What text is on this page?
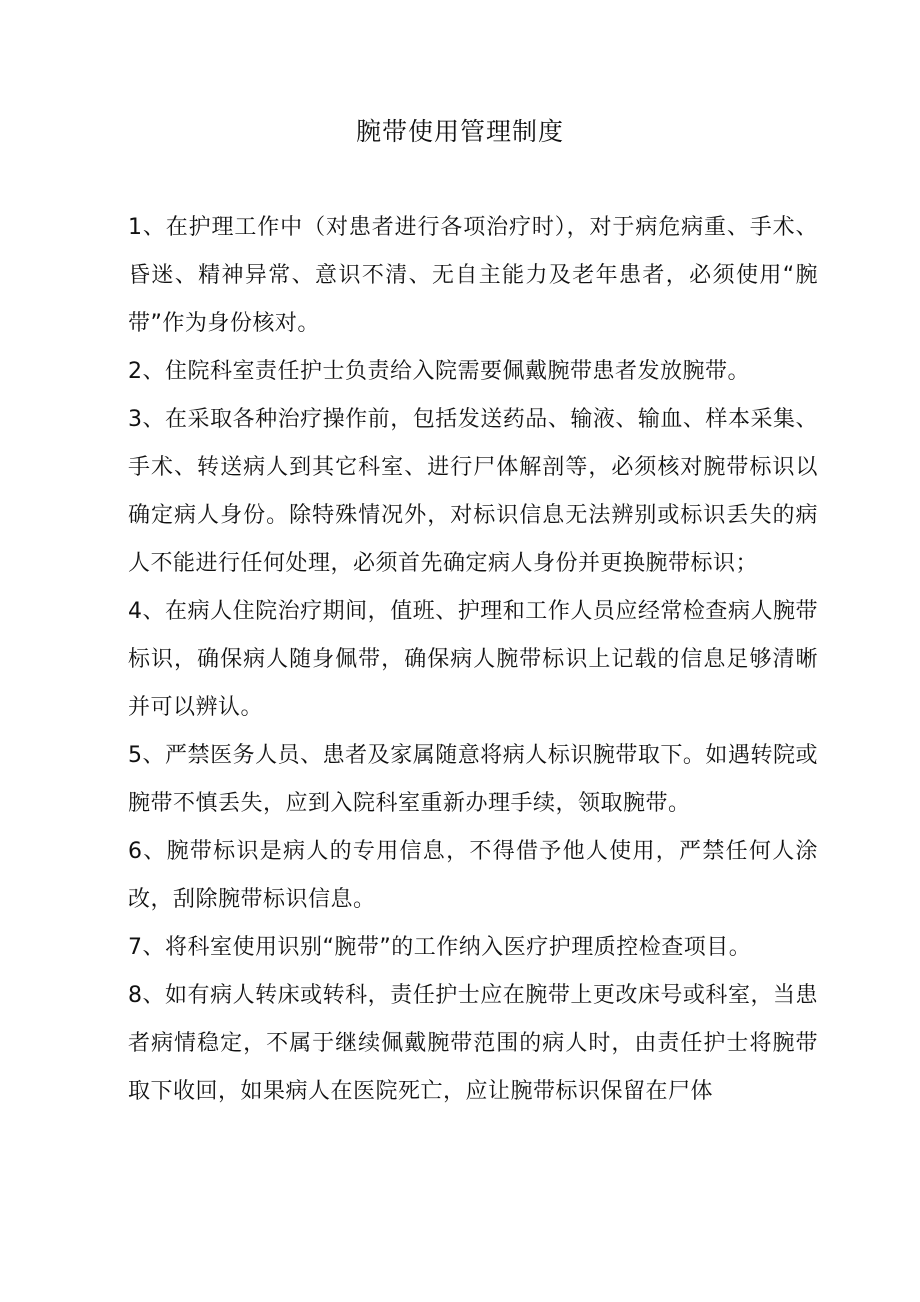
腕带使用管理制度

1、在护理工作中（对患者进行各项治疗时），对于病危病重、手术、昏迷、精神异常、意识不清、无自主能力及老年患者，必须使用“腕带”作为身份核对。

2、住院科室责任护士负责给入院需要佩戴腕带患者发放腕带。

3、在采取各种治疗操作前，包括发送药品、输液、输血、样本采集、手术、转送病人到其它科室、进行尸体解剖等，必须核对腕带标识以确定病人身份。除特殊情况外，对标识信息无法辨别或标识丢失的病人不能进行任何处理，必须首先确定病人身份并更换腕带标识；

4、在病人住院治疗期间，值班、护理和工作人员应经常检查病人腕带标识，确保病人随身佩带，确保病人腕带标识上记载的信息足够清晰并可以辨认。

5、严禁医务人员、患者及家属随意将病人标识腕带取下。如遇转院或腕带不慎丢失，应到入院科室重新办理手续，领取腕带。

6、腕带标识是病人的专用信息，不得借予他人使用，严禁任何人涂改，刮除腕带标识信息。

7、将科室使用识别“腕带”的工作纳入医疗护理质控检查项目。

8、如有病人转床或转科，责任护士应在腕带上更改床号或科室，当患者病情稳定，不属于继续佩戴腕带范围的病人时，由责任护士将腕带取下收回，如果病人在医院死亡，应让腕带标识保留在尸体
